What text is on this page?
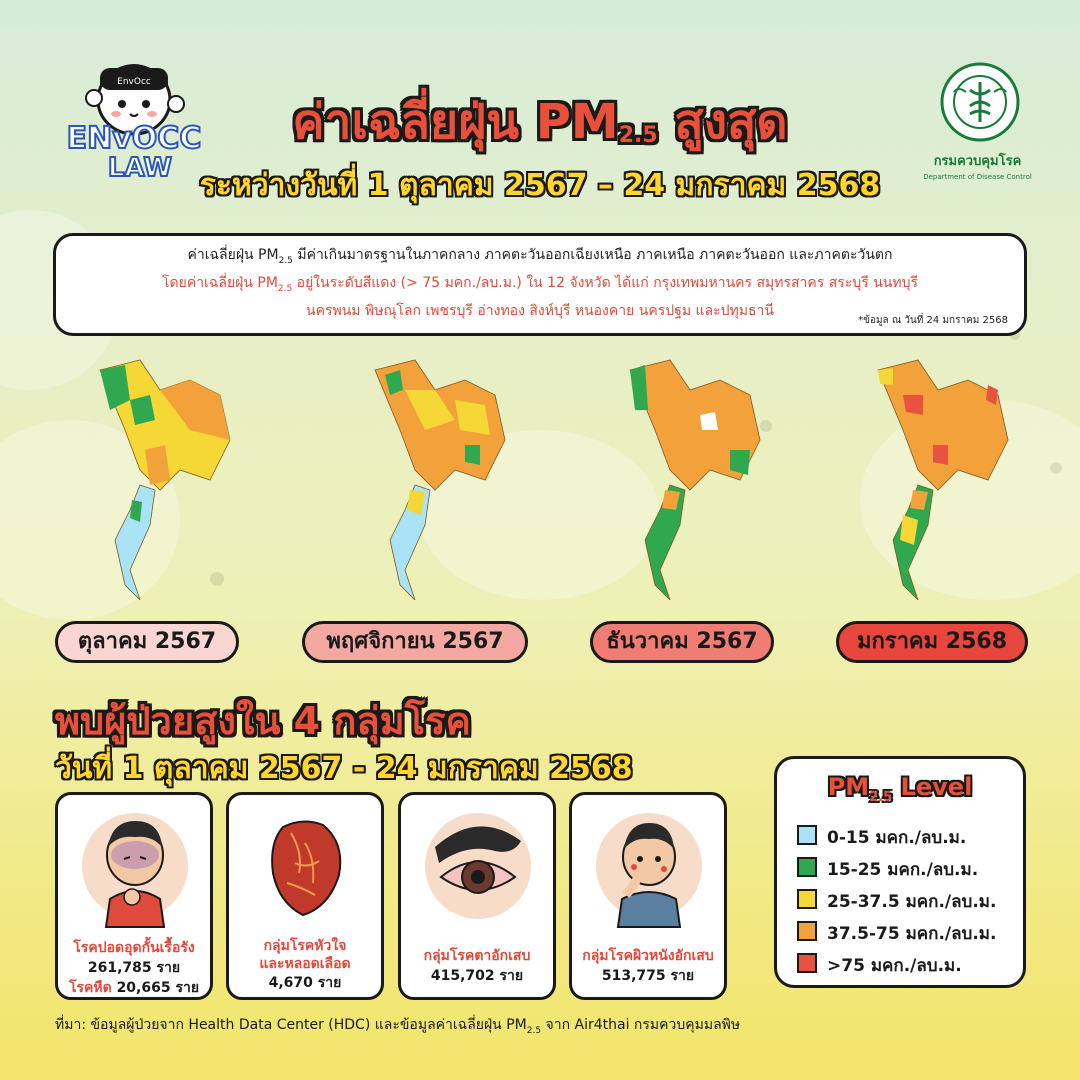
EnvOcc
ENvOCC
LAW
ค่าเฉลี่ยฝุ่น $PM_{2.5}$ สูงสุด
ระหว่างวันที่ 1 ตุลาคม 2567 – 24 มกราคม 2568
กรมควบคุมโรค
Department of Disease Control
ค่าเฉลี่ยฝุ่น $PM_{2.5}$ มีค่าเกินมาตรฐานในภาคกลาง ภาคตะวันออกเฉียงเหนือ ภาคเหนือ ภาคตะวันออก และภาคตะวันตก
โดยค่าเฉลี่ยฝุ่น $PM_{2.5}$ อยู่ในระดับสีแดง (> 75 มคก./ลบ.ม.) ใน 12 จังหวัด ได้แก่ กรุงเทพมหานคร สมุทรสาคร สระบุรี นนทบุรี
นครพนม พิษณุโลก เพชรบุรี อ่างทอง สิงห์บุรี หนองคาย นครปฐม และปทุมธานี
*ข้อมูล ณ วันที่ 24 มกราคม 2568
ตุลาคม 2567	พฤศจิกายน 2567	ธันวาคม 2567	มกราคม 2568
พบผู้ป่วยสูงใน 4 กลุ่มโรค
วันที่ 1 ตุลาคม 2567 - 24 มกราคม 2568
โรคปอดอุดกั้นเรื้อรัง
261,785 ราย
โรคหืด 20,665 ราย
กลุ่มโรคหัวใจ
และหลอดเลือด
4,670 ราย
กลุ่มโรคตาอักเสบ
415,702 ราย
กลุ่มโรคผิวหนังอักเสบ
513,775 ราย
$PM_{2.5}$ Level
0-15 มคก./ลบ.ม.
15-25 มคก./ลบ.ม.
25-37.5 มคก./ลบ.ม.
37.5-75 มคก./ลบ.ม.
>75 มคก./ลบ.ม.
ที่มา: ข้อมูลผู้ป่วยจาก Health Data Center (HDC) และข้อมูลค่าเฉลี่ยฝุ่น $PM_{2.5}$ จาก Air4thai กรมควบคุมมลพิษ
